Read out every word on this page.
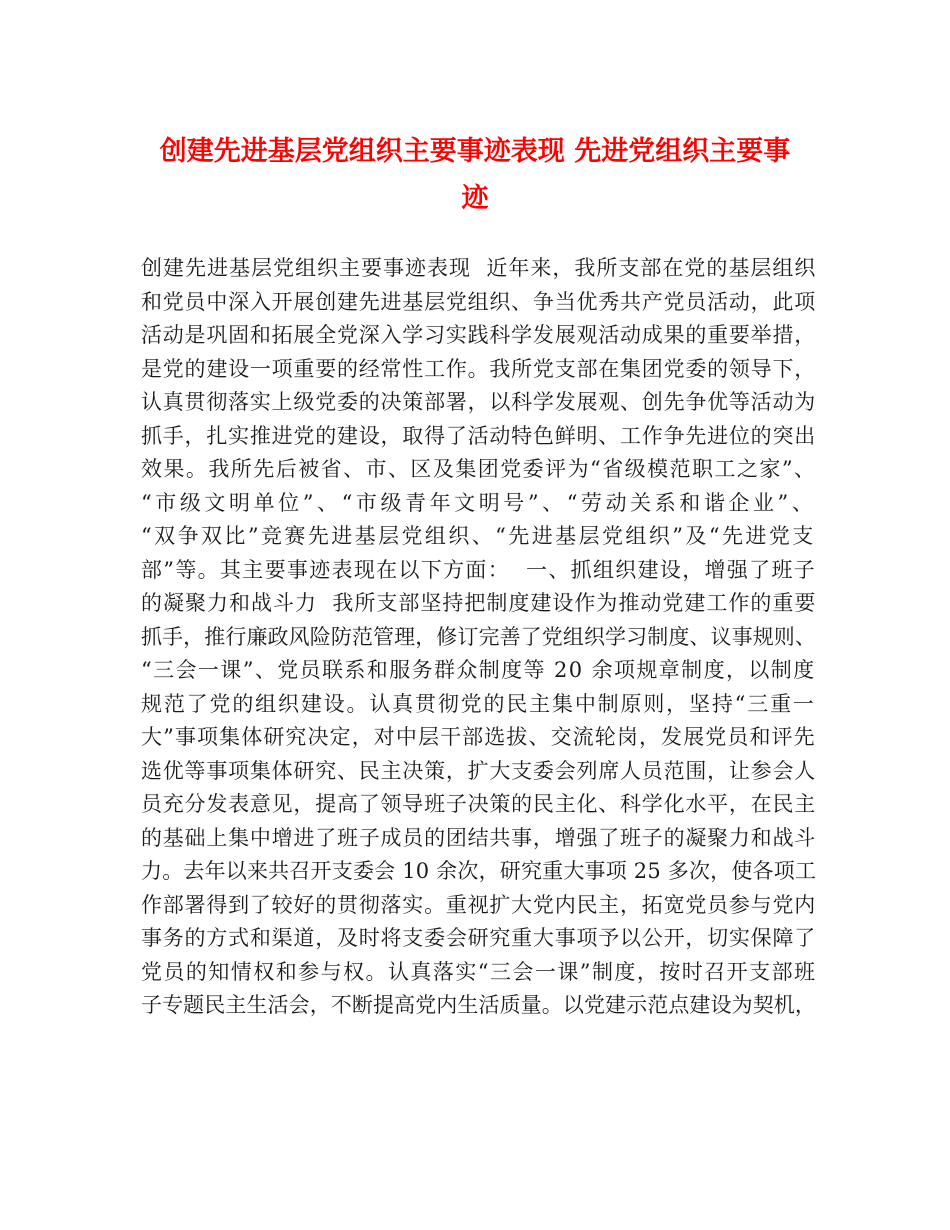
创建先进基层党组织主要事迹表现 先进党组织主要事
迹
创建先进基层党组织主要事迹表现  近年来，我所支部在党的基层组织
和党员中深入开展创建先进基层党组织、争当优秀共产党员活动，此项
活动是巩固和拓展全党深入学习实践科学发展观活动成果的重要举措，
是党的建设一项重要的经常性工作。我所党支部在集团党委的领导下，
认真贯彻落实上级党委的决策部署，以科学发展观、创先争优等活动为
抓手，扎实推进党的建设，取得了活动特色鲜明、工作争先进位的突出
效果。我所先后被省、市、区及集团党委评为“省级模范职工之家”、
“市级文明单位”、“市级青年文明号”、“劳动关系和谐企业”、
“双争双比”竞赛先进基层党组织、“先进基层党组织”及“先进党支
部”等。其主要事迹表现在以下方面：  一、抓组织建设，增强了班子
的凝聚力和战斗力  我所支部坚持把制度建设作为推动党建工作的重要
抓手，推行廉政风险防范管理，修订完善了党组织学习制度、议事规则、
“三会一课”、党员联系和服务群众制度等 20 余项规章制度，以制度
规范了党的组织建设。认真贯彻党的民主集中制原则，坚持“三重一
大”事项集体研究决定，对中层干部选拔、交流轮岗，发展党员和评先
选优等事项集体研究、民主决策，扩大支委会列席人员范围，让参会人
员充分发表意见，提高了领导班子决策的民主化、科学化水平，在民主
的基础上集中增进了班子成员的团结共事，增强了班子的凝聚力和战斗
力。去年以来共召开支委会 10 余次，研究重大事项 25 多次，使各项工
作部署得到了较好的贯彻落实。重视扩大党内民主，拓宽党员参与党内
事务的方式和渠道，及时将支委会研究重大事项予以公开，切实保障了
党员的知情权和参与权。认真落实“三会一课”制度，按时召开支部班
子专题民主生活会，不断提高党内生活质量。以党建示范点建设为契机，
